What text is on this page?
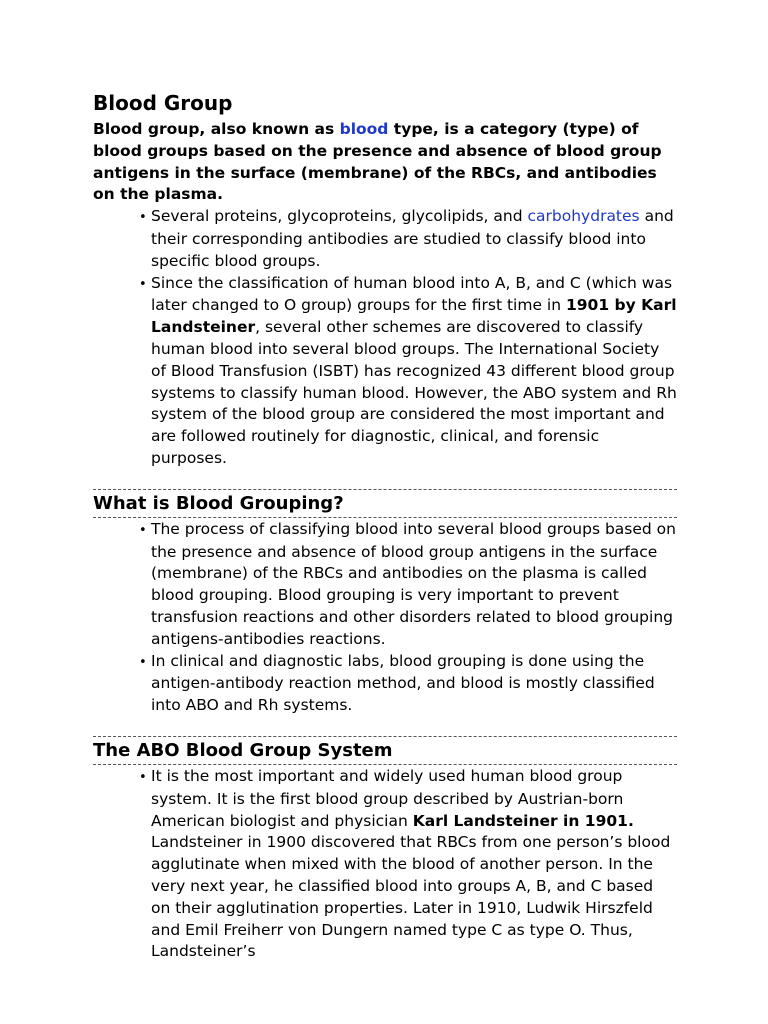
Blood Group

Blood group, also known as blood type, is a category (type) of blood groups based on the presence and absence of blood group antigens in the surface (membrane) of the RBCs, and antibodies on the plasma.

• Several proteins, glycoproteins, glycolipids, and carbohydrates and their corresponding antibodies are studied to classify blood into specific blood groups.
• Since the classification of human blood into A, B, and C (which was later changed to O group) groups for the first time in 1901 by Karl Landsteiner, several other schemes are discovered to classify human blood into several blood groups. The International Society of Blood Transfusion (ISBT) has recognized 43 different blood group systems to classify human blood. However, the ABO system and Rh system of the blood group are considered the most important and are followed routinely for diagnostic, clinical, and forensic purposes.
What is Blood Grouping?
• The process of classifying blood into several blood groups based on the presence and absence of blood group antigens in the surface (membrane) of the RBCs and antibodies on the plasma is called blood grouping. Blood grouping is very important to prevent transfusion reactions and other disorders related to blood grouping antigens-antibodies reactions.
• In clinical and diagnostic labs, blood grouping is done using the antigen-antibody reaction method, and blood is mostly classified into ABO and Rh systems.
The ABO Blood Group System
• It is the most important and widely used human blood group system. It is the first blood group described by Austrian-born American biologist and physician Karl Landsteiner in 1901. Landsteiner in 1900 discovered that RBCs from one person’s blood agglutinate when mixed with the blood of another person. In the very next year, he classified blood into groups A, B, and C based on their agglutination properties. Later in 1910, Ludwik Hirszfeld and Emil Freiherr von Dungern named type C as type O. Thus, Landsteiner’s
